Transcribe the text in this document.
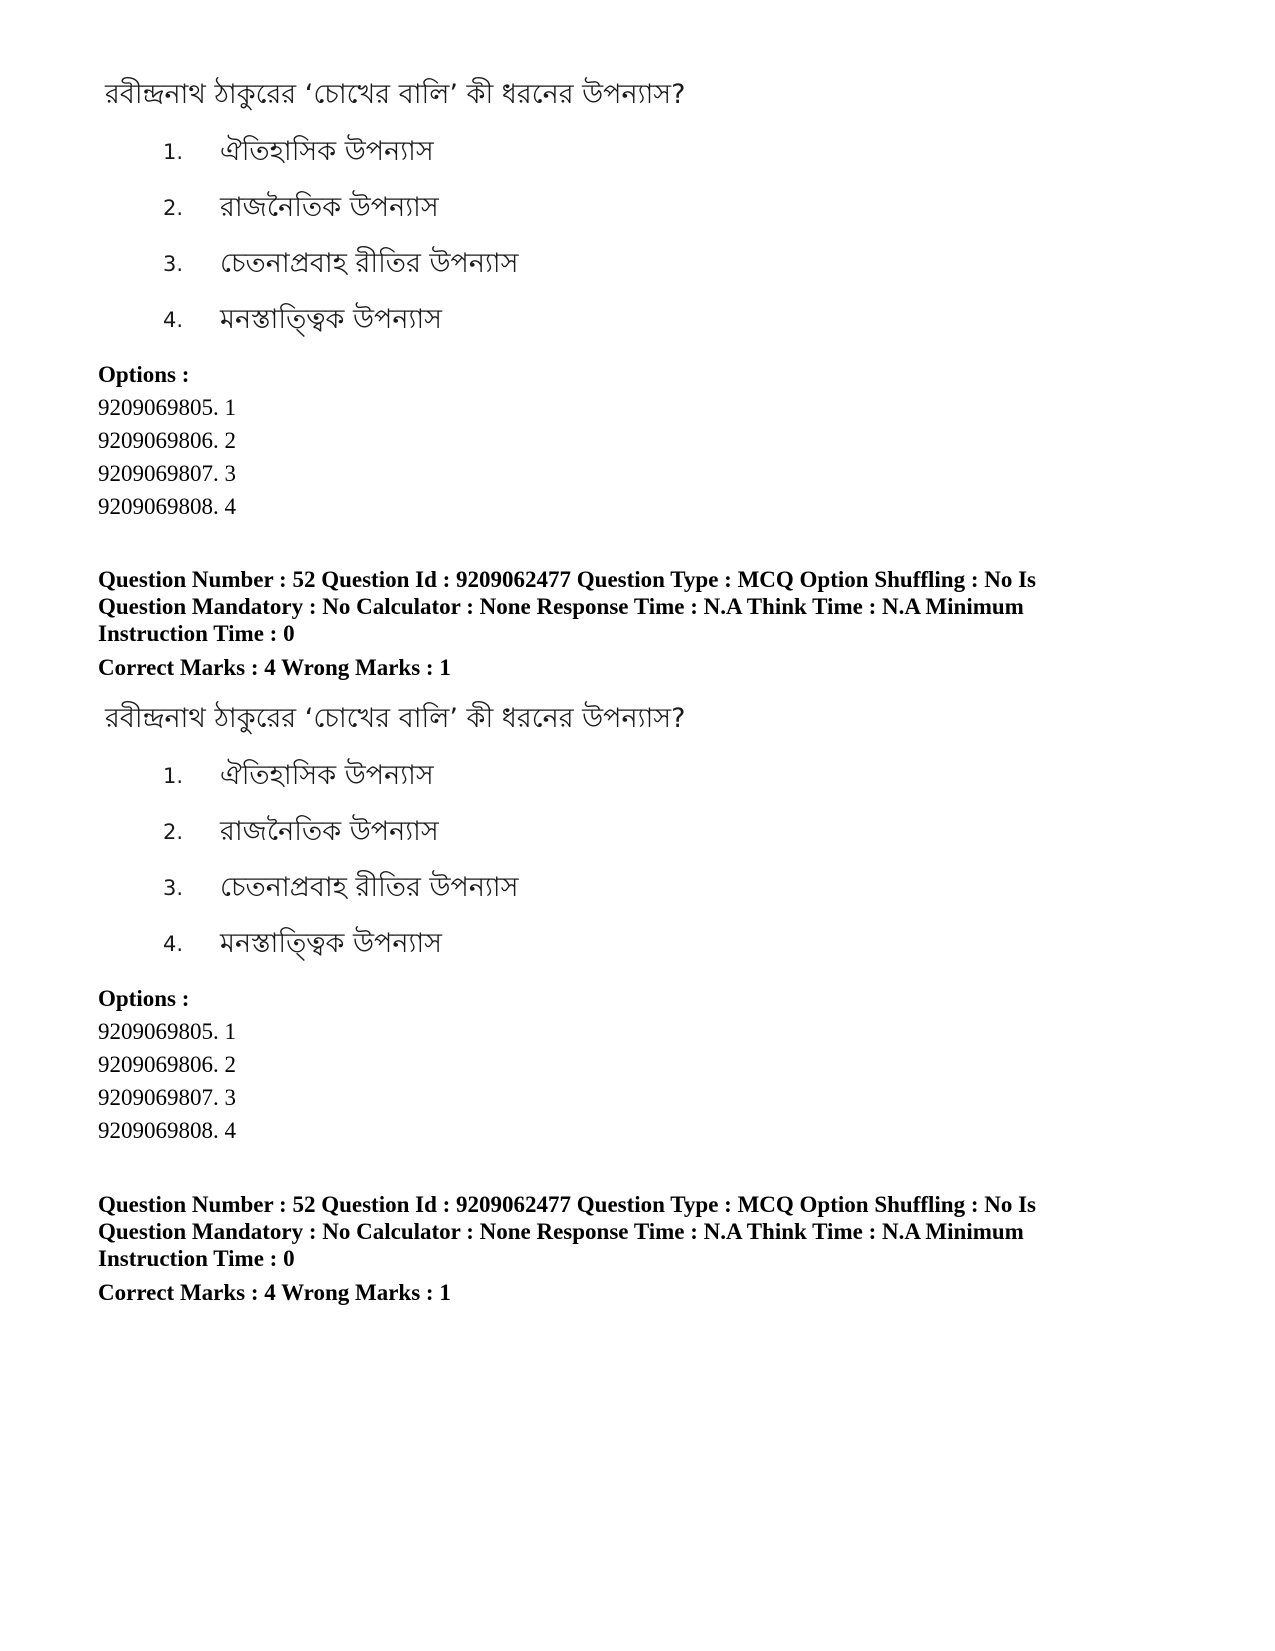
রবীন্দ্রনাথ ঠাকুরের ‘চোখের বালি’ কী ধরনের উপন্যাস?
1.	ঐতিহাসিক উপন্যাস
2.	রাজনৈতিক উপন্যাস
3.	চেতনাপ্রবাহ রীতির উপন্যাস
4.	মনস্তাত্ত্বিক উপন্যাস
Options :
9209069805. 1
9209069806. 2
9209069807. 3
9209069808. 4
Question Number : 52 Question Id : 9209062477 Question Type : MCQ Option Shuffling : No Is
Question Mandatory : No Calculator : None Response Time : N.A Think Time : N.A Minimum
Instruction Time : 0
Correct Marks : 4 Wrong Marks : 1
রবীন্দ্রনাথ ঠাকুরের ‘চোখের বালি’ কী ধরনের উপন্যাস?
1.	ঐতিহাসিক উপন্যাস
2.	রাজনৈতিক উপন্যাস
3.	চেতনাপ্রবাহ রীতির উপন্যাস
4.	মনস্তাত্ত্বিক উপন্যাস
Options :
9209069805. 1
9209069806. 2
9209069807. 3
9209069808. 4
Question Number : 52 Question Id : 9209062477 Question Type : MCQ Option Shuffling : No Is
Question Mandatory : No Calculator : None Response Time : N.A Think Time : N.A Minimum
Instruction Time : 0
Correct Marks : 4 Wrong Marks : 1
